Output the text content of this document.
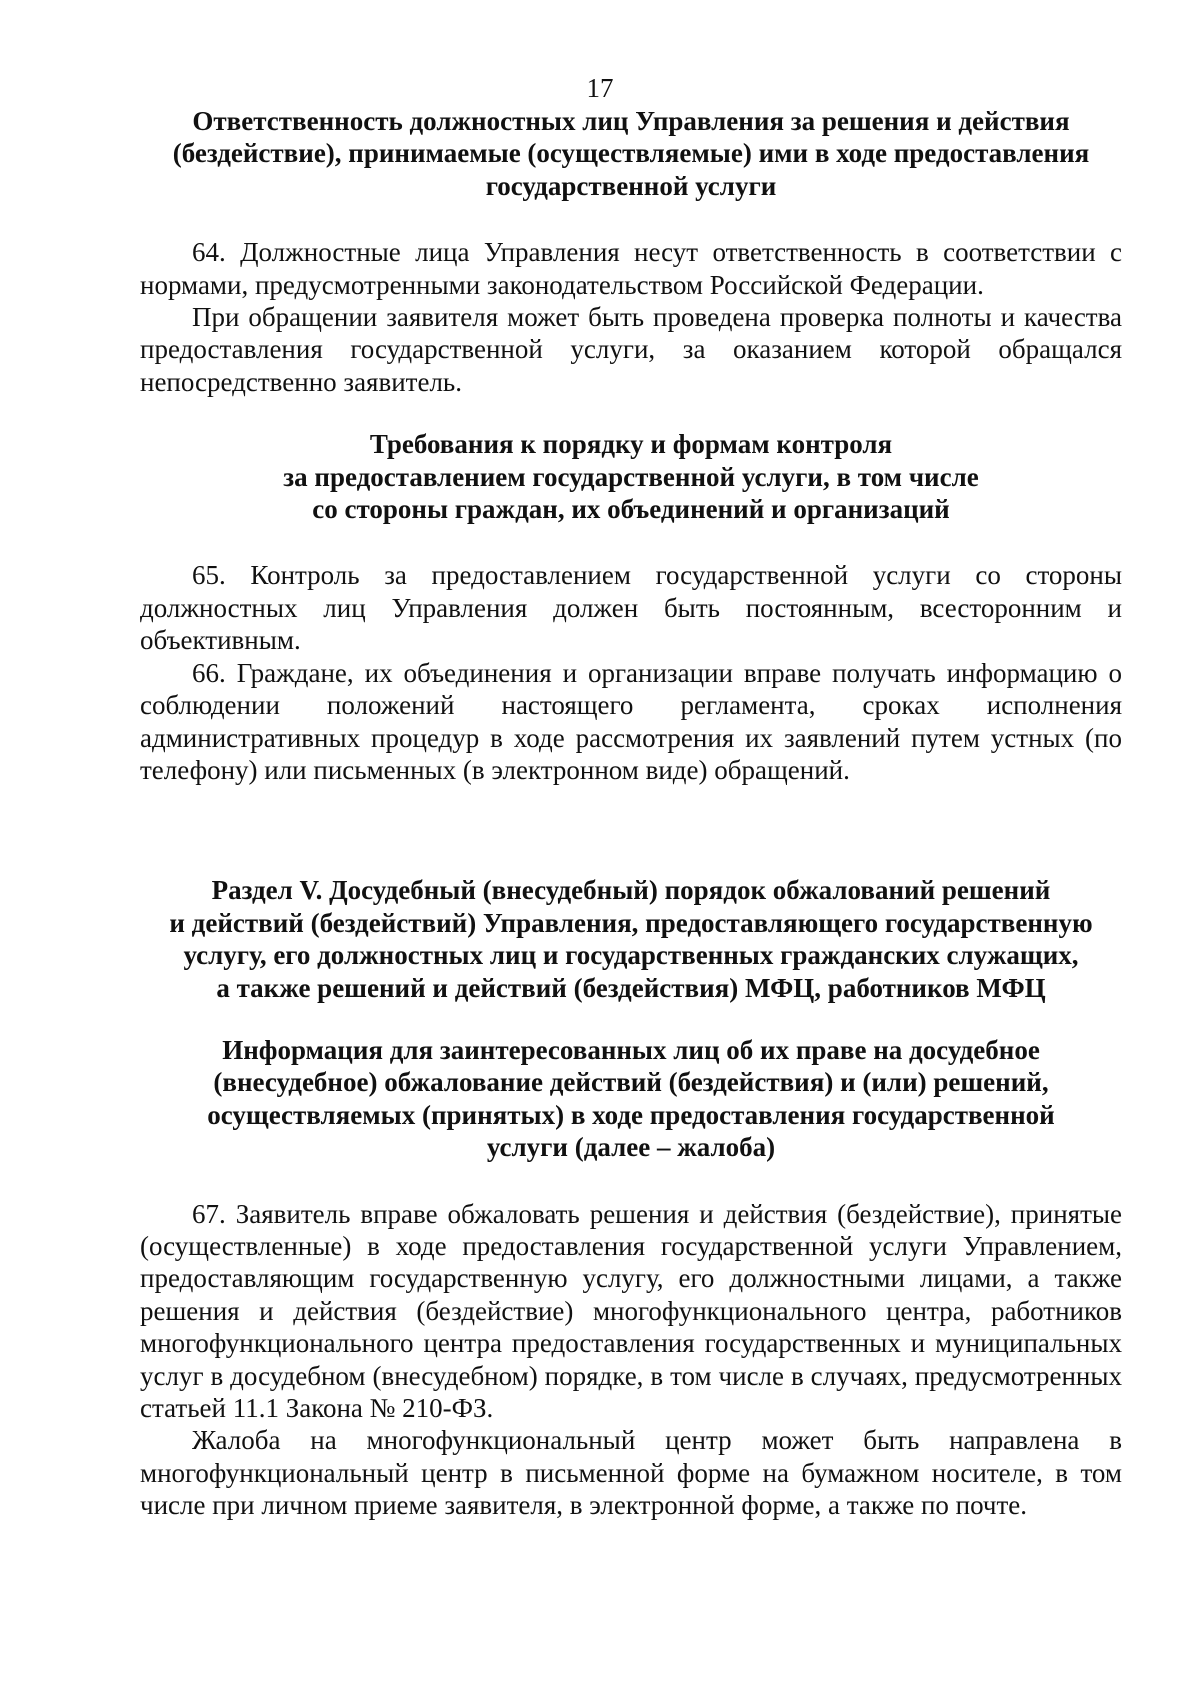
17
Ответственность должностных лиц Управления за решения и действия
(бездействие), принимаемые (осуществляемые) ими в ходе предоставления
государственной услуги

64. Должностные лица Управления несут ответственность в соответствии с нормами, предусмотренными законодательством Российской Федерации.

При обращении заявителя может быть проведена проверка полноты и качества предоставления государственной услуги, за оказанием которой обращался непосредственно заявитель.

Требования к порядку и формам контроля
за предоставлением государственной услуги, в том числе
со стороны граждан, их объединений и организаций

65. Контроль за предоставлением государственной услуги со стороны должностных лиц Управления должен быть постоянным, всесторонним и объективным.

66. Граждане, их объединения и организации вправе получать информацию о соблюдении положений настоящего регламента, сроках исполнения административных процедур в ходе рассмотрения их заявлений путем устных (по телефону) или письменных (в электронном виде) обращений.

Раздел V. Досудебный (внесудебный) порядок обжалований решений
и действий (бездействий) Управления, предоставляющего государственную
услугу, его должностных лиц и государственных гражданских служащих,
а также решений и действий (бездействия) МФЦ, работников МФЦ
Информация для заинтересованных лиц об их праве на досудебное
(внесудебное) обжалование действий (бездействия) и (или) решений,
осуществляемых (принятых) в ходе предоставления государственной
услуги (далее – жалоба)

67. Заявитель вправе обжаловать решения и действия (бездействие), принятые (осуществленные) в ходе предоставления государственной услуги Управлением, предоставляющим государственную услугу, его должностными лицами, а также решения и действия (бездействие) многофункционального центра, работников многофункционального центра предоставления государственных и муниципальных услуг в досудебном (внесудебном) порядке, в том числе в случаях, предусмотренных статьей 11.1 Закона № 210-ФЗ.

Жалоба на многофункциональный центр может быть направлена в многофункциональный центр в письменной форме на бумажном носителе, в том числе при личном приеме заявителя, в электронной форме, а также по почте.
